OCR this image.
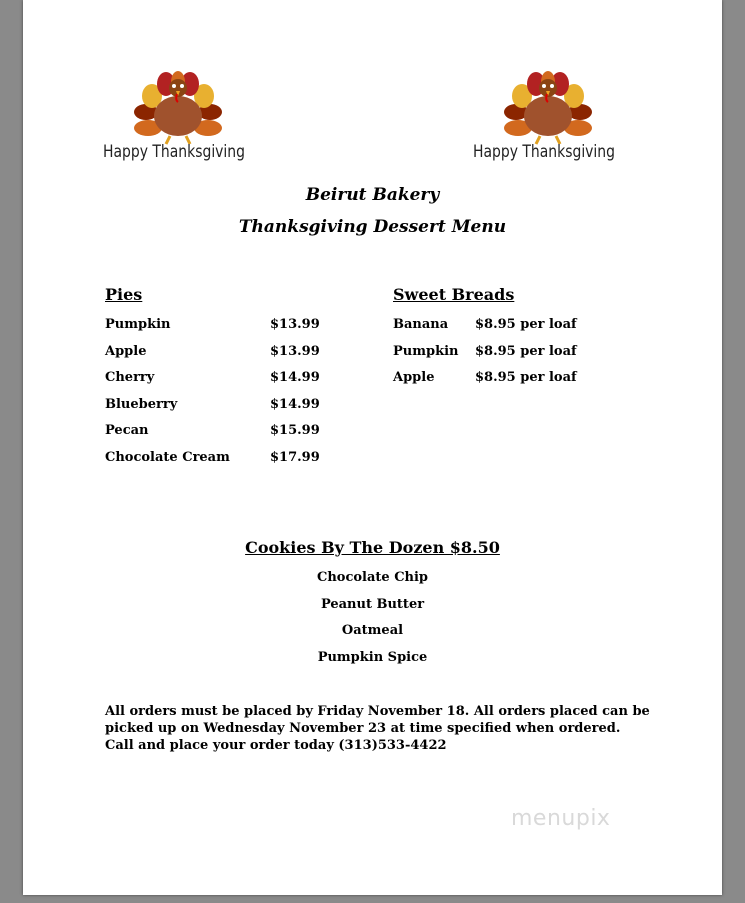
Happy Thanksgiving	Happy Thanksgiving
Beirut Bakery
Thanksgiving Dessert Menu
Pies
Pumpkin	$13.99
Apple	$13.99
Cherry	$14.99
Blueberry	$14.99
Pecan	$15.99
Chocolate Cream	$17.99
Sweet Breads
Banana $8.95 per loaf
Pumpkin $8.95 per loaf
Apple	$8.95 per loaf
Cookies By The Dozen $8.50
Chocolate Chip
Peanut Butter
Oatmeal
Pumpkin Spice
All orders must be placed by Friday November 18. All orders placed can be
picked up on Wednesday November 23 at time specified when ordered.
Call and place your order today (313)533-4422
menupix
